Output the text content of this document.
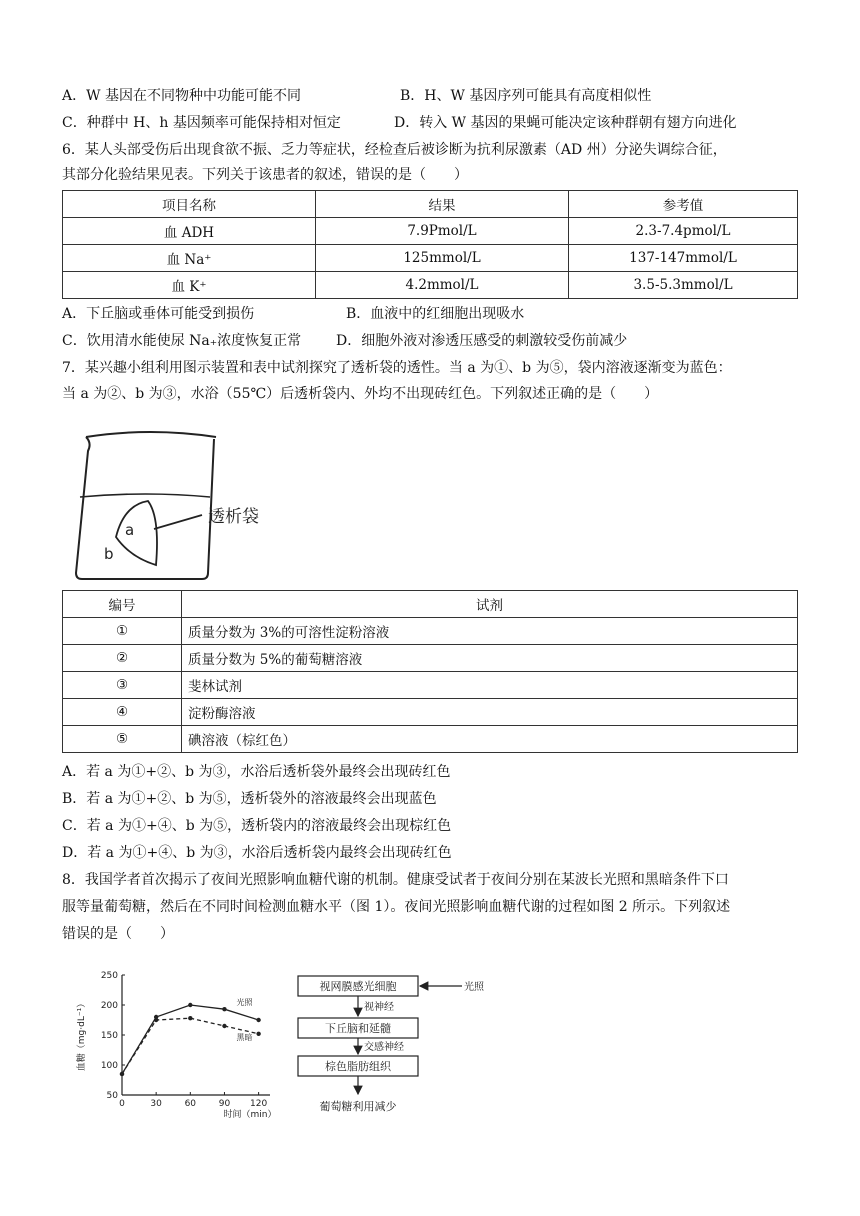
A．W 基因在不同物种中功能可能不同	B．H、W 基因序列可能具有高度相似性
C．种群中 H、h 基因频率可能保持相对恒定	D．转入 W 基因的果蝇可能决定该种群朝有翅方向进化
6．某人头部受伤后出现食欲不振、乏力等症状，经检查后被诊断为抗利尿激素（AD 州）分泌失调综合征，
其部分化验结果见表。下列关于该患者的叙述，错误的是（　　）
项目名称	结果	参考值
血 ADH	7.9Pmol/L	2.3-7.4pmol/L
血 Na⁺	125mmol/L	137-147mmol/L
血 K⁺	4.2mmol/L	3.5-5.3mmol/L
A．下丘脑或垂体可能受到损伤	B．血液中的红细胞出现吸水
C．饮用清水能使尿 Na₊浓度恢复正常 D．细胞外液对渗透压感受的刺激较受伤前减少
7．某兴趣小组利用图示装置和表中试剂探究了透析袋的透性。当 a 为①、b 为⑤，袋内溶液逐渐变为蓝色：
当 a 为②、b 为③，水浴（55℃）后透析袋内、外均不出现砖红色。下列叙述正确的是（　　）
a
b
透析袋
编号	试剂
①	质量分数为 3%的可溶性淀粉溶液
②	质量分数为 5%的葡萄糖溶液
③	斐林试剂
④	淀粉酶溶液
⑤	碘溶液（棕红色）
A．若 a 为①+②、b 为③，水浴后透析袋外最终会出现砖红色
B．若 a 为①+②、b 为⑤，透析袋外的溶液最终会出现蓝色
C．若 a 为①+④、b 为⑤，透析袋内的溶液最终会出现棕红色
D．若 a 为①+④、b 为③，水浴后透析袋内最终会出现砖红色
8．我国学者首次揭示了夜间光照影响血糖代谢的机制。健康受试者于夜间分别在某波长光照和黑暗条件下口
服等量葡萄糖，然后在不同时间检测血糖水平（图 1）。夜间光照影响血糖代谢的过程如图 2 所示。下列叙述
错误的是（　　）
光照
黑暗
0	30	60	90 120
50
100
150
200
250
血糖（mg·dL⁻¹）
时间（min）
视网膜感光细胞
下丘脑和延髓
棕色脂肪组织
葡萄糖利用减少
光照
视神经
交感神经
